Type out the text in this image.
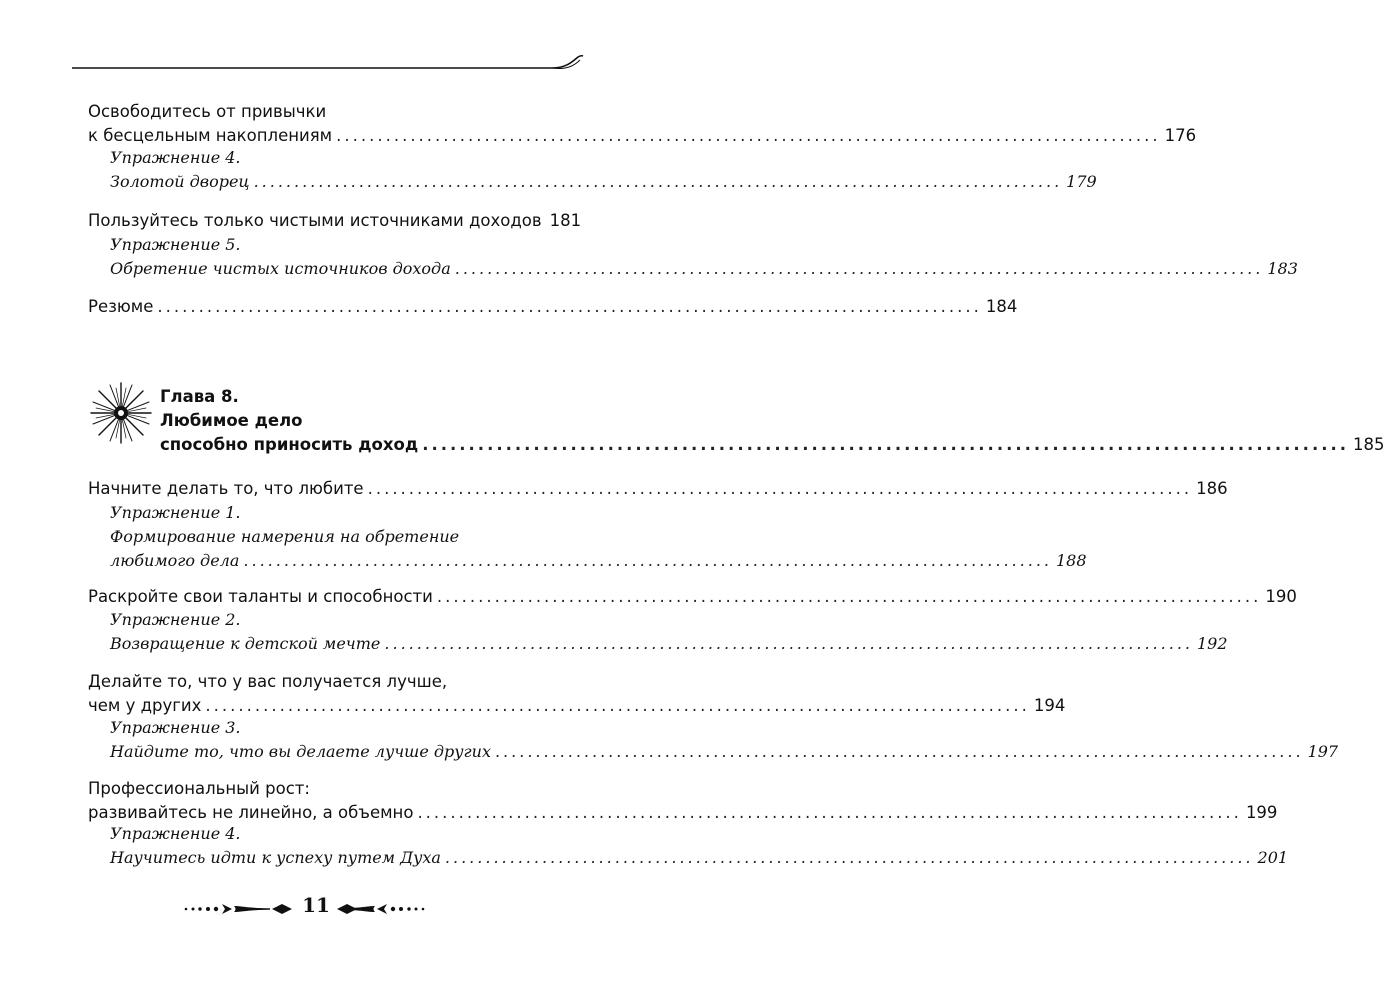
Освободитесь от привычки
к бесцельным накоплениям .................................................................................................... 176
Упражнение 4.
Золотой дворец .................................................................................................... 179
Пользуйтесь только чистыми источниками доходов 181
Упражнение 5.
Обретение чистых источников дохода .................................................................................................... 183
Резюме .................................................................................................... 184
Глава 8.
Любимое дело
способно приносить доход .................................................................................................... 185
Начните делать то, что любите .................................................................................................... 186
Упражнение 1.
Формирование намерения на обретение
любимого дела .................................................................................................... 188
Раскройте свои таланты и способности .................................................................................................... 190
Упражнение 2.
Возвращение к детской мечте .................................................................................................... 192
Делайте то, что у вас получается лучше,
чем у других .................................................................................................... 194
Упражнение 3.
Найдите то, что вы делаете лучше других .................................................................................................... 197
Профессиональный рост:
развивайтесь не линейно, а объемно .................................................................................................... 199
Упражнение 4.
Научитесь идти к успеху путем Духа .................................................................................................... 201
11
